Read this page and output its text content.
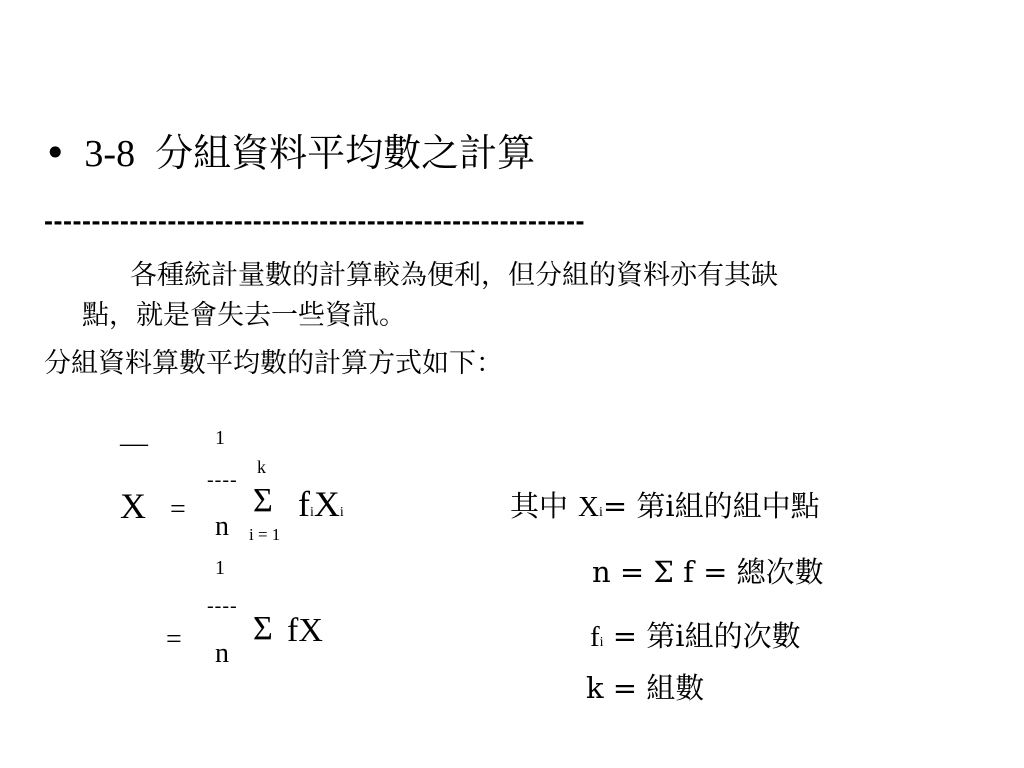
• 3-8 分組資料平均數之計算
---------------------------------------------------------
各種統計量數的計算較為便利，但分組的資料亦有其缺
點，就是會失去一些資訊。
分組資料算數平均數的計算方式如下：
—
X =
1
----
n
k
Σ
i = 1
fiXi
1
----
= n
Σ fX
其中 Xi= 第i組的組中點
n = Σ f = 總次數
fi = 第i組的次數
k = 組數
